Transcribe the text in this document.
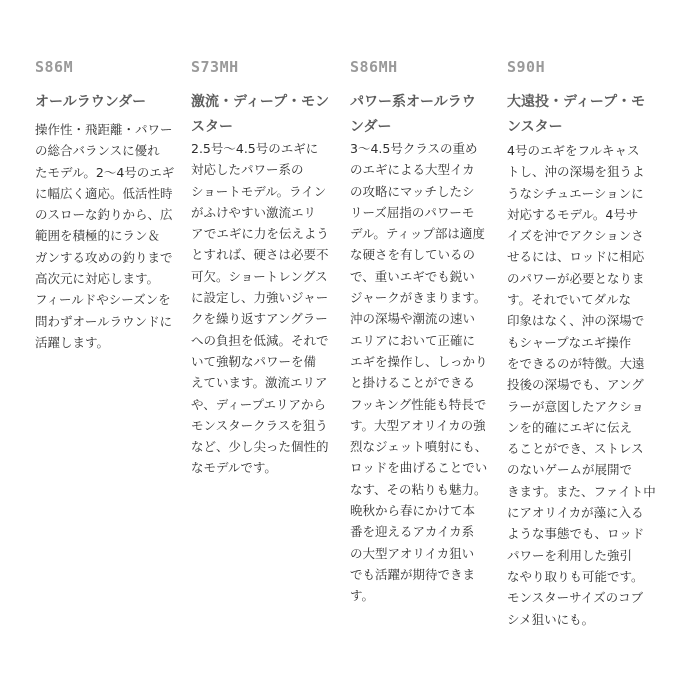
S86M
オールラウンダー
操作性・飛距離・パワー
の総合バランスに優れ
たモデル。2～4号のエギ
に幅広く適応。低活性時
のスローな釣りから、広
範囲を積極的にラン＆
ガンする攻めの釣りまで
高次元に対応します。
フィールドやシーズンを
問わずオールラウンドに
活躍します。
S73MH
激流・ディープ・モン
スター
2.5号～4.5号のエギに
対応したパワー系の
ショートモデル。ライン
がふけやすい激流エリ
アでエギに力を伝えよう
とすれば、硬さは必要不
可欠。ショートレングス
に設定し、力強いジャー
クを繰り返すアングラー
への負担を低減。それで
いて強靭なパワーを備
えています。激流エリア
や、ディープエリアから
モンスタークラスを狙う
など、少し尖った個性的
なモデルです。
S86MH
パワー系オールラウ
ンダー
3～4.5号クラスの重め
のエギによる大型イカ
の攻略にマッチしたシ
リーズ屈指のパワーモ
デル。ティップ部は適度
な硬さを有しているの
で、重いエギでも鋭い
ジャークがきまります。
沖の深場や潮流の速い
エリアにおいて正確に
エギを操作し、しっかり
と掛けることができる
フッキング性能も特長で
す。大型アオリイカの強
烈なジェット噴射にも、
ロッドを曲げることでい
なす、その粘りも魅力。
晩秋から春にかけて本
番を迎えるアカイカ系
の大型アオリイカ狙い
でも活躍が期待できま
す。
S90H
大遠投・ディープ・モ
ンスター
4号のエギをフルキャス
トし、沖の深場を狙うよ
うなシチュエーションに
対応するモデル。4号サ
イズを沖でアクションさ
せるには、ロッドに相応
のパワーが必要となりま
す。それでいてダルな
印象はなく、沖の深場で
もシャープなエギ操作
をできるのが特徴。大遠
投後の深場でも、アング
ラーが意図したアクショ
ンを的確にエギに伝え
ることができ、ストレス
のないゲームが展開で
きます。また、ファイト中
にアオリイカが藻に入る
ような事態でも、ロッド
パワーを利用した強引
なやり取りも可能です。
モンスターサイズのコブ
シメ狙いにも。
